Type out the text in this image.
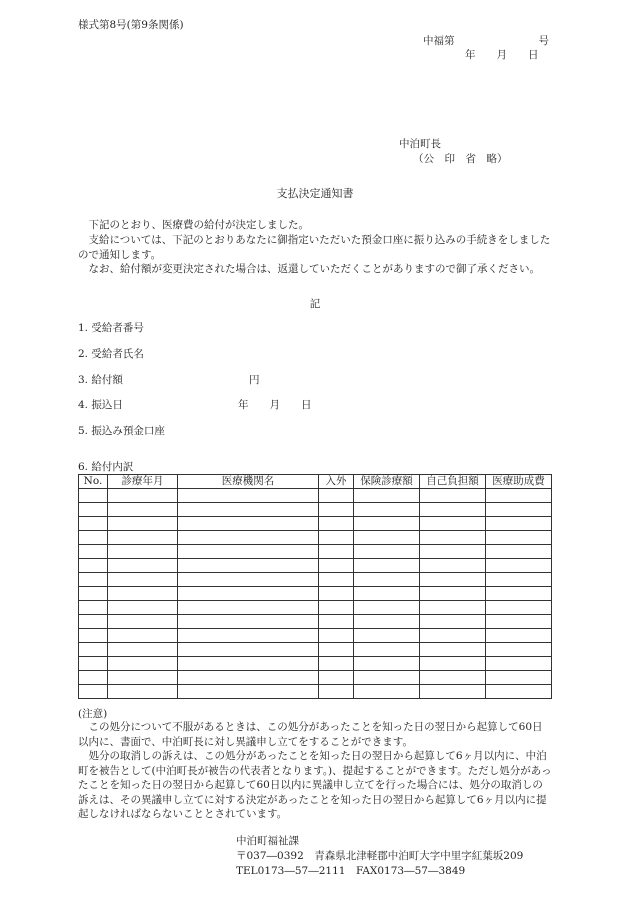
様式第8号(第9条関係)
中福第　　　　　　　　号
年　　月　　日
中泊町長
（公　印　省　略）
支払決定通知書
下記のとおり、医療費の給付が決定しました。
支給については、下記のとおりあなたに御指定いただいた預金口座に振り込みの手続きをしましたので通知します。
なお、給付額が変更決定された場合は、返還していただくことがありますので御了承ください。
記
1. 受給者番号
2. 受給者氏名
3. 給付額	円
4. 振込日	年　　月　　日
5. 振込み預金口座
6. 給付内訳
No.	診療年月	医療機関名	入外	保険診療額	自己負担額	医療助成費

(注意)
この処分について不服があるときは、この処分があったことを知った日の翌日から起算して60日以内に、書面で、中泊町長に対し異議申し立てをすることができます。
処分の取消しの訴えは、この処分があったことを知った日の翌日から起算して6ヶ月以内に、中泊町を被告として(中泊町長が被告の代表者となります。)、提起することができます。ただし処分があったことを知った日の翌日から起算して60日以内に異議申し立てを行った場合には、処分の取消しの訴えは、その異議申し立てに対する決定があったことを知った日の翌日から起算して6ヶ月以内に提起しなければならないこととされています。
中泊町福祉課
〒037―0392　青森県北津軽郡中泊町大字中里字紅葉坂209
TEL0173―57―2111　FAX0173―57―3849
